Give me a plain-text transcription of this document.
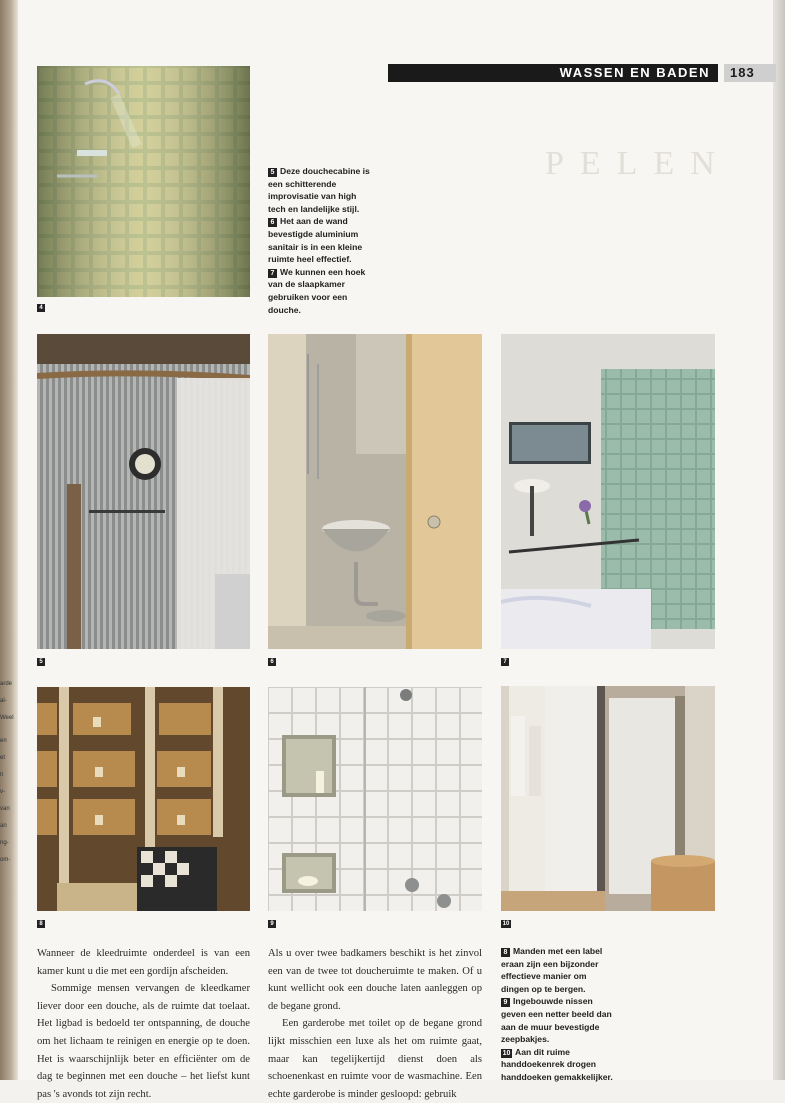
arde
al-
Weel
en
et
n
v-
van
an
ng-
om-
WASSEN EN BADEN	183
PELEN
4

5 Deze douchecabine is een schitterende improvisatie van high tech en landelijke stijl.

6 Het aan de wand bevestigde aluminium sanitair is in een kleine ruimte heel effectief.

7 We kunnen een hoek van de slaapkamer gebruiken voor een douche.

5	6	7
8	9	10

Wanneer de kleedruimte onderdeel is van een kamer kunt u die met een gordijn afscheiden.

Sommige mensen vervangen de kleedkamer liever door een douche, als de ruimte dat toelaat. Het ligbad is bedoeld ter ontspanning, de douche om het lichaam te reinigen en energie op te doen. Het is waarschijnlijk beter en efficiënter om de dag te beginnen met een douche – het liefst kunt pas 's avonds tot zijn recht.

Als u over twee badkamers beschikt is het zinvol een van de twee tot doucheruimte te maken. Of u kunt wellicht ook een douche laten aanleggen op de begane grond.

Een garderobe met toilet op de begane grond lijkt misschien een luxe als het om ruimte gaat, maar kan tegelijkertijd dienst doen als schoenenkast en ruimte voor de wasmachine. Een echte garderobe is minder gesloopd: gebruik

8 Manden met een label eraan zijn een bijzonder effectieve manier om dingen op te bergen.

9 Ingebouwde nissen geven een netter beeld dan aan de muur bevestigde zeepbakjes.

10 Aan dit ruime handdoekenrek drogen handdoeken gemakkelijker.
